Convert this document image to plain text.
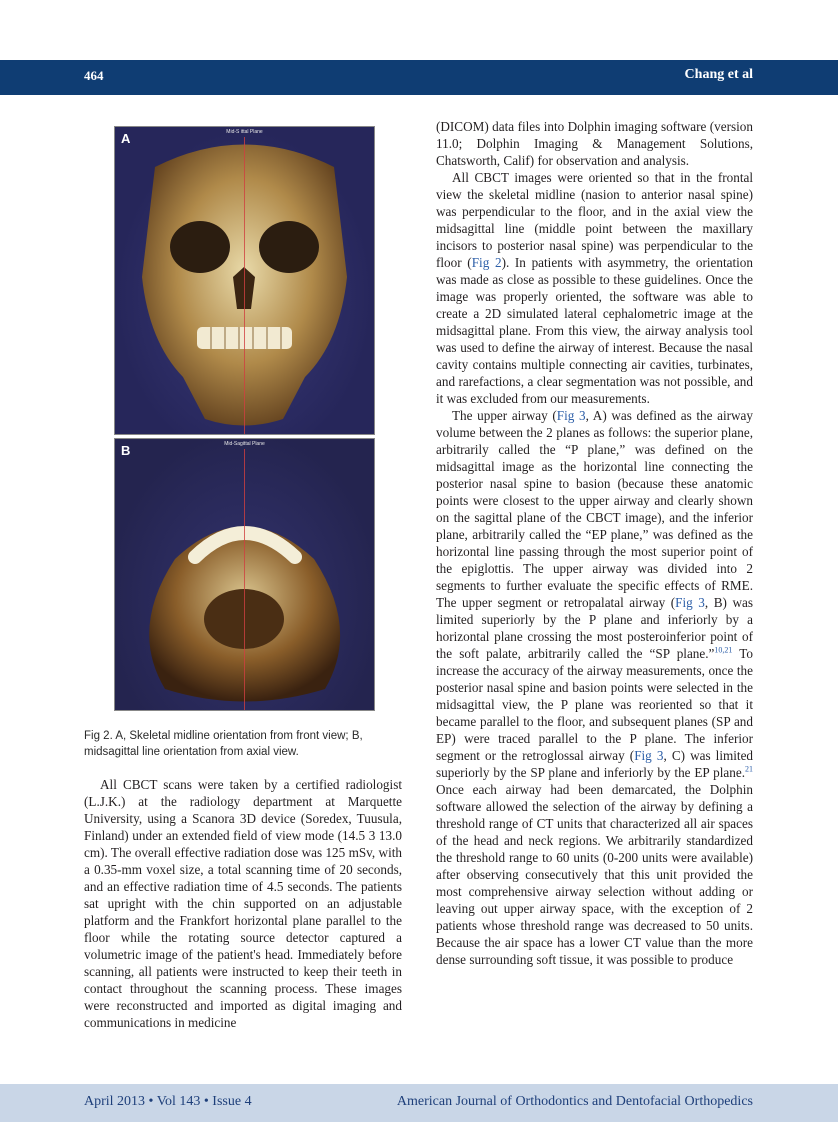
464	Chang et al
A	Mid-S ittal Plane
B	Mid-Sagittal Plane
Fig 2. A, Skeletal midline orientation from front view; B, midsagittal line orientation from axial view.

All CBCT scans were taken by a certified radiologist (L.J.K.) at the radiology department at Marquette University, using a Scanora 3D device (Soredex, Tuusula, Finland) under an extended field of view mode (14.5 3 13.0 cm). The overall effective radiation dose was 125 mSv, with a 0.35-mm voxel size, a total scanning time of 20 seconds, and an effective radiation time of 4.5 seconds. The patients sat upright with the chin supported on an adjustable platform and the Frankfort horizontal plane parallel to the floor while the rotating source detector captured a volumetric image of the patient's head. Immediately before scanning, all patients were instructed to keep their teeth in contact throughout the scanning process. These images were reconstructed and imported as digital imaging and communications in medicine

(DICOM) data files into Dolphin imaging software (version 11.0; Dolphin Imaging & Management Solutions, Chatsworth, Calif) for observation and analysis.

All CBCT images were oriented so that in the frontal view the skeletal midline (nasion to anterior nasal spine) was perpendicular to the floor, and in the axial view the midsagittal line (middle point between the maxillary incisors to posterior nasal spine) was perpendicular to the floor (Fig 2). In patients with asymmetry, the orientation was made as close as possible to these guidelines. Once the image was properly oriented, the software was able to create a 2D simulated lateral cephalometric image at the midsagittal plane. From this view, the airway analysis tool was used to define the airway of interest. Because the nasal cavity contains multiple connecting air cavities, turbinates, and rarefactions, a clear segmentation was not possible, and it was excluded from our measurements.

The upper airway (Fig 3, A) was defined as the airway volume between the 2 planes as follows: the superior plane, arbitrarily called the “P plane,” was defined on the midsagittal image as the horizontal line connecting the posterior nasal spine to basion (because these anatomic points were closest to the upper airway and clearly shown on the sagittal plane of the CBCT image), and the inferior plane, arbitrarily called the “EP plane,” was defined as the horizontal line passing through the most superior point of the epiglottis. The upper airway was divided into 2 segments to further evaluate the specific effects of RME. The upper segment or retropalatal airway (Fig 3, B) was limited superiorly by the P plane and inferiorly by a horizontal plane crossing the most posteroinferior point of the soft palate, arbitrarily called the “SP plane.”$^{10,21}$ To increase the accuracy of the airway measurements, once the posterior nasal spine and basion points were selected in the midsagittal view, the P plane was reoriented so that it became parallel to the floor, and subsequent planes (SP and EP) were traced parallel to the P plane. The inferior segment or the retroglossal airway (Fig 3, C) was limited superiorly by the SP plane and inferiorly by the EP plane.$^{21}$ Once each airway had been demarcated, the Dolphin software allowed the selection of the airway by defining a threshold range of CT units that characterized all air spaces of the head and neck regions. We arbitrarily standardized the threshold range to 60 units (0-200 units were available) after observing consecutively that this unit provided the most comprehensive airway selection without adding or leaving out upper airway space, with the exception of 2 patients whose threshold range was decreased to 50 units. Because the air space has a lower CT value than the more dense surrounding soft tissue, it was possible to produce

April 2013 • Vol 143 • Issue 4	American Journal of Orthodontics and Dentofacial Orthopedics
